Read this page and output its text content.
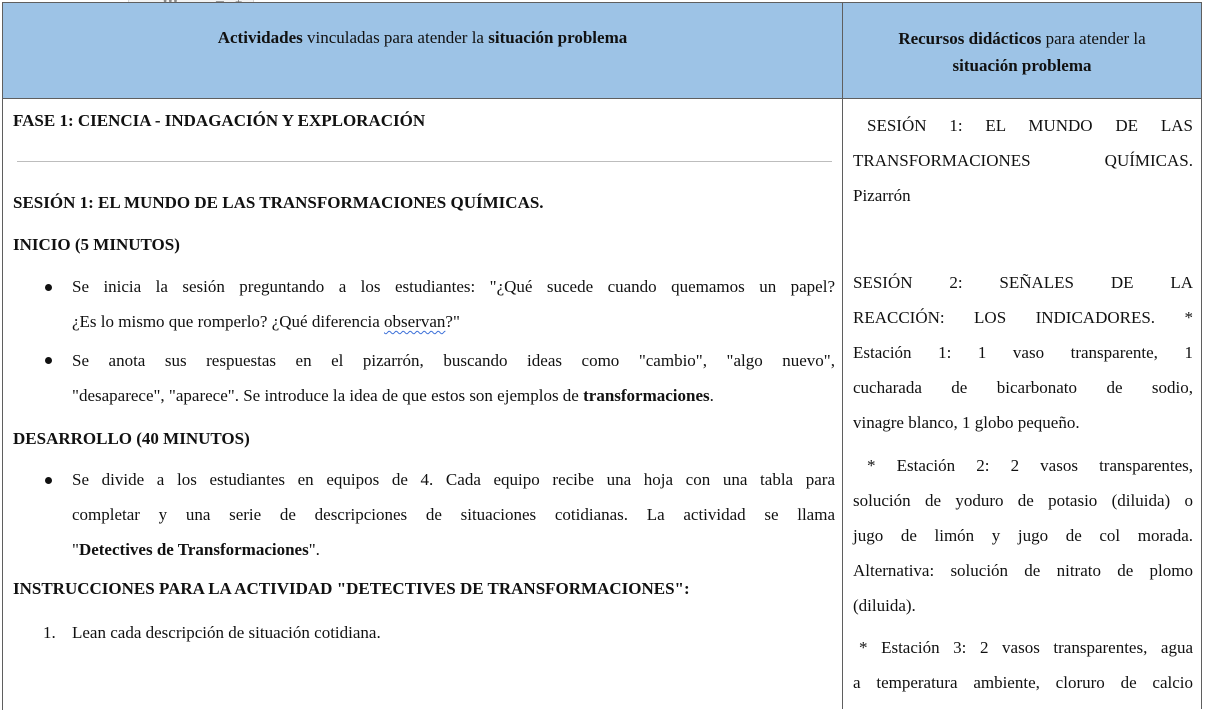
Actividades vinculadas para atender la situación problema	Recursos didácticos para atender la
situación problema
FASE 1: CIENCIA - INDAGACIÓN Y EXPLORACIÓN
SESIÓN 1: EL MUNDO DE LAS TRANSFORMACIONES QUÍMICAS.
INICIO (5 MINUTOS)
Se inicia la sesión preguntando a los estudiantes: "¿Qué sucede cuando quemamos un papel?
¿Es lo mismo que romperlo? ¿Qué diferencia observan?"
Se anota sus respuestas en el pizarrón, buscando ideas como "cambio", "algo nuevo",
"desaparece", "aparece". Se introduce la idea de que estos son ejemplos de transformaciones.
DESARROLLO (40 MINUTOS)
Se divide a los estudiantes en equipos de 4. Cada equipo recibe una hoja con una tabla para
completar y una serie de descripciones de situaciones cotidianas. La actividad se llama
"Detectives de Transformaciones".
INSTRUCCIONES PARA LA ACTIVIDAD "DETECTIVES DE TRANSFORMACIONES":
1. Lean cada descripción de situación cotidiana.
SESIÓN 1: EL MUNDO DE LAS
TRANSFORMACIONES QUÍMICAS.
Pizarrón
SESIÓN 2: SEÑALES DE LA
REACCIÓN: LOS INDICADORES. *
Estación 1: 1 vaso transparente, 1
cucharada de bicarbonato de sodio,
vinagre blanco, 1 globo pequeño.
* Estación 2: 2 vasos transparentes,
solución de yoduro de potasio (diluida) o
jugo de limón y jugo de col morada.
Alternativa: solución de nitrato de plomo
(diluida).
* Estación 3: 2 vasos transparentes, agua
a temperatura ambiente, cloruro de calcio
